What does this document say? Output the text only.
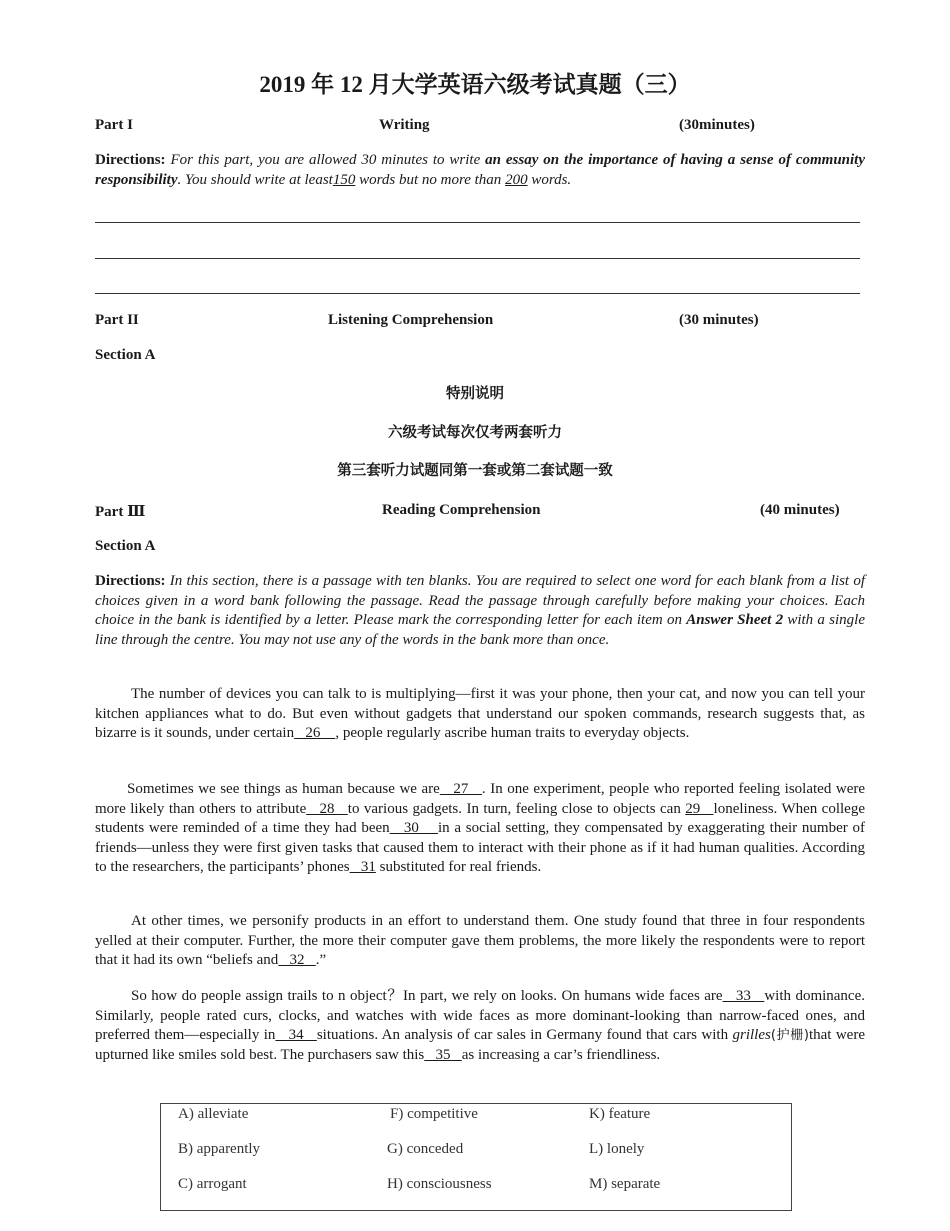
2019 年 12 月大学英语六级考试真题（三）
Part I	Writing	(30minutes)
Directions: For this part, you are allowed 30 minutes to write an essay on the importance of having a sense of community responsibility. You should write at least150 words but no more than 200 words.
Part II	Listening Comprehension	(30 minutes)
Section A
特别说明
六级考试每次仅考两套听力
第三套听力试题同第一套或第二套试题一致
Part Ⅲ	Reading Comprehension	(40 minutes)
Section A
Directions: In this section, there is a passage with ten blanks. You are required to select one word for each blank from a list of choices given in a word bank following the passage. Read the passage through carefully before making your choices. Each choice in the bank is identified by a letter. Please mark the corresponding letter for each item on Answer Sheet 2 with a single line through the centre. You may not use any of the words in the bank more than once.
The number of devices you can talk to is multiplying—first it was your phone, then your cat, and now you can tell your kitchen appliances what to do. But even without gadgets that understand our spoken commands, research suggests that, as bizarre is it sounds, under certain   26    , people regularly ascribe human traits to everyday objects.
Sometimes we see things as human because we are   27   . In one experiment, people who reported feeling isolated were more likely than others to attribute   28   to various gadgets. In turn, feeling close to objects can 29   loneliness. When college students were reminded of a time they had been   30    in a social setting, they compensated by exaggerating their number of friends—unless they were first given tasks that caused them to interact with their phone as if it had human qualities. According to the researchers, the participants’ phones   31 substituted for real friends.
At other times, we personify products in an effort to understand them. One study found that three in four respondents yelled at their computer. Further, the more their computer gave them problems, the more likely the respondents were to report that it had its own “beliefs and   32   .”
So how do people assign trails to n object？In part, we rely on looks. On humans wide faces are   33   with dominance. Similarly, people rated curs, clocks, and watches with wide faces as more dominant-looking than narrow-faced ones, and preferred them—especially in   34   situations. An analysis of car sales in Germany found that cars with grilles(护栅)that were upturned like smiles sold best. The purchasers saw this   35   as increasing a car’s friendliness.
A) alleviate	F) competitive	K) feature
B) apparently	G) conceded	L) lonely
C) arrogant	H) consciousness	M) separate
